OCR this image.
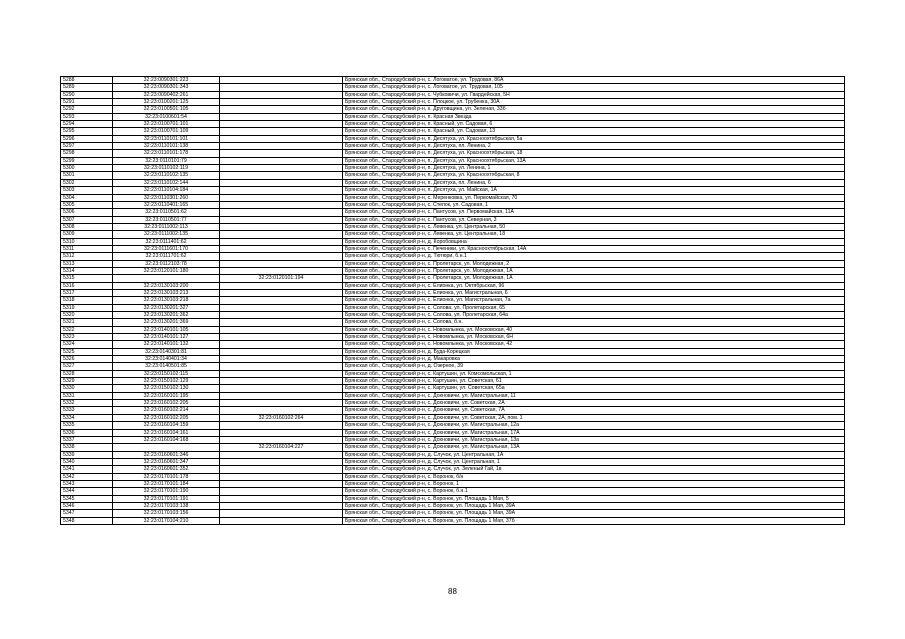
5288	32:23:0090301:223		Брянская обл., Стародубский р-н, с. Логоватое, ул. Трудовая, 86А
5289	32:23:0090301:343		Брянская обл., Стародубский р-н, с. Логоватое, ул. Трудовая, 105
5290	32:23:0090402:261		Брянская обл., Стародубский р-н, с. Чубковичи, ул. Гвардейская, 5Н
5291	32:23:0100201:125		Брянская обл., Стародубский р-н, с. Плоцкое, ул. Трубенка, 30А
5292	32:23:0100501:105		Брянская обл., Стародубский р-н, х. Друговщина, ул. Зеленая, 33б
5293	32:23:0100601:54		Брянская обл., Стародубский р-н, п. Красная Звезда
5294	32:23:0100701:101		Брянская обл., Стародубский р-н, п. Красный, ул. Садовая, 6
5295	32:23:0100701:109		Брянская обл., Стародубский р-н, п. Красный, ул. Садовая, 13
5296	32:23:0110101:101		Брянская обл., Стародубский р-н, п. Десятуха, ул. Красноохтябрьская, 5а
5297	32:23:0110101:138		Брянская обл., Стародубский р-н, п. Десятуха, пл. Ленина, 2
5298	32:23:0110101:178		Брянская обл., Стародубский р-н, п. Десятуха, ул. Красноохтябрьская, 18
5299	32:23:0110101:79		Брянская обл., Стародубский р-н, п. Десятуха, ул. Красноохтябрьская, 13А
5300	32:23:0110102:119		Брянская обл., Стародубский р-н, п. Десятуха, ул. Ленина, 1
5301	32:23:0110102:135		Брянская обл., Стародубский р-н, п. Десятуха, ул. Красноохтябрьская, 8
5302	32:23:0110102:144		Брянская обл., Стародубский р-н, п. Десятуха, пл. Ленина, 6
5303	32:23:0110104:184		Брянская обл., Стародубский р-н, п. Десятуха, ул. Майская, 1А
5304	32:23:0110301:260		Брянская обл., Стародубский р-н, с. Меренковка, ул. Первомайская, 70
5305	32:23:0110401:165		Брянская обл., Стародубский р-н, с. Степок, ул. Садовая, 1
5306	32:23:0110501:62		Брянская обл., Стародубский р-н, с. Пантусов, ул. Первомайская, 11А
5307	32:23:0110501:77		Брянская обл., Стародубский р-н, с. Пантусов, ул. Северная, 3
5308	32:23:0111002:113		Брянская обл., Стародубский р-н, с. Левенка, ул. Центральная, 50
5309	32:23:0111002:135		Брянская обл., Стародубский р-н, с. Левенка, ул. Центральная, 18
5310	32:23:0111401:62		Брянская обл., Стародубский р-н, д. Коробовщина
5311	32:23:0111601:170		Брянская обл., Стародубский р-н, с. Печеники, ул. Красноохтябрьская, 14А
5312	32:23:0111701:62		Брянская обл., Стародубский р-н, д. Тютюри, б.н.1
5313	32:23:0112103:78		Брянская обл., Стародубский р-н, с. Пролетарск, ул. Молодежная, 2
5314	32:23:0120101:180		Брянская обл., Стародубский р-н, с. Пролетарск, ул. Молодежная, 1А
5315		32:23:0120101:194	Брянская обл., Стародубский р-н, с. Пролетарск, ул. Молодежная, 1А
5316	32:23:0130103:200		Брянская обл., Стародубский р-н, с. Елионка, ул. Октябрьская, 96
5317	32:23:0130103:213		Брянская обл., Стародубский р-н, с. Елионка, ул. Магистральная, 6
5318	32:23:0130103:218		Брянская обл., Стародубский р-н, с. Елионка, ул. Магистральная, 7а
5319	32:23:0130201:327		Брянская обл., Стародубский р-н, с. Солова, ул. Пролетарская, 65
5320	32:23:0130201:362		Брянская обл., Стародубский р-н, с. Солова, ул. Пролетарская, 64а
5321	32:23:0130201:369		Брянская обл., Стародубский р-н, с. Солова, б.н.
5322	32:23:0140101:105		Брянская обл., Стародубский р-н, с. Новомлынка, ул. Московская, 40
5323	32:23:0140101:127		Брянская обл., Стародубский р-н, с. Новомлынка, ул. Московская, 6Н
5324	32:23:0140101:132		Брянская обл., Стародубский р-н, с. Новомлынка, ул. Московская, 42
5325	32:23:0140301:81		Брянская обл., Стародубский р-н, д. Буда-Корецкая
5326	32:23:0140401:34		Брянская обл., Стародубский р-н, д. Макаровка
5327	32:23:0140501:85		Брянская обл., Стародубский р-н, д. Озерное, 39
5328	32:23:0150102:115		Брянская обл., Стародубский р-н, с. Картушин, ул. Комсомольская, 1
5329	32:23:0150102:129		Брянская обл., Стародубский р-н, с. Картушин, ул. Советская, 61
5330	32:23:0150102:130		Брянская обл., Стародубский р-н, с. Картушин, ул. Советская, 65а
5331	32:23:0160101:195		Брянская обл., Стародубский р-н, с. Дохновичи, ул. Магистральная, 11
5332	32:23:0160102:205		Брянская обл., Стародубский р-н, с. Дохновичи, ул. Советская, 2А
5333	32:23:0160102:214		Брянская обл., Стародубский р-н, с. Дохновичи, ул. Советская, 7А
5334	32:23:0160102:205	32:23:0160102:264	Брянская обл., Стародубский р-н, с. Дохновичи, ул. Советская, 2А, пом. 1
5335	32:23:0160104:159		Брянская обл., Стародубский р-н, с. Дохновичи, ул. Магистральная, 12а
5336	32:23:0160104:161		Брянская обл., Стародубский р-н, с. Дохновичи, ул. Магистральная, 17А
5337	32:23:0160104:168		Брянская обл., Стародубский р-н, с. Дохновичи, ул. Магистральная, 13а
5338		32:23:0160104:227	Брянская обл., Стародубский р-н, с. Дохновичи, ул. Магистральная, 13А
5339	32:23:0160601:346		Брянская обл., Стародубский р-н, д. Случок, ул. Центральная, 1А
5340	32:23:0160601:347		Брянская обл., Стародубский р-н, д. Случок, ул. Центральная, 1
5341	32:23:0160601:352		Брянская обл., Стародубский р-н, д. Случок, ул. Зеленый Гай, 1в
5342	32:23:0170101:178		Брянская обл., Стародубский р-н, с. Воронок, б/н
5343	32:23:0170101:184		Брянская обл., Стародубский р-н, с. Воронок, 1
5344	32:23:0170101:190		Брянская обл., Стародубский р-н, с. Воронок, б.н.1
5345	32:23:0170101:191		Брянская обл., Стародубский р-н, с. Воронок, ул. Площадь 1 Мая, 5
5346	32:23:0170103:138		Брянская обл., Стародубский р-н, с. Воронок, ул. Площадь 1 Мая, 39А
5347	32:23:0170103:156		Брянская обл., Стародубский р-н, с. Воронок, ул. Площадь 1 Мая, 39А
5348	32:23:0170104:210		Брянская обл., Стародубский р-н, с. Воронок, ул. Площадь 1 Мая, 37б
88
